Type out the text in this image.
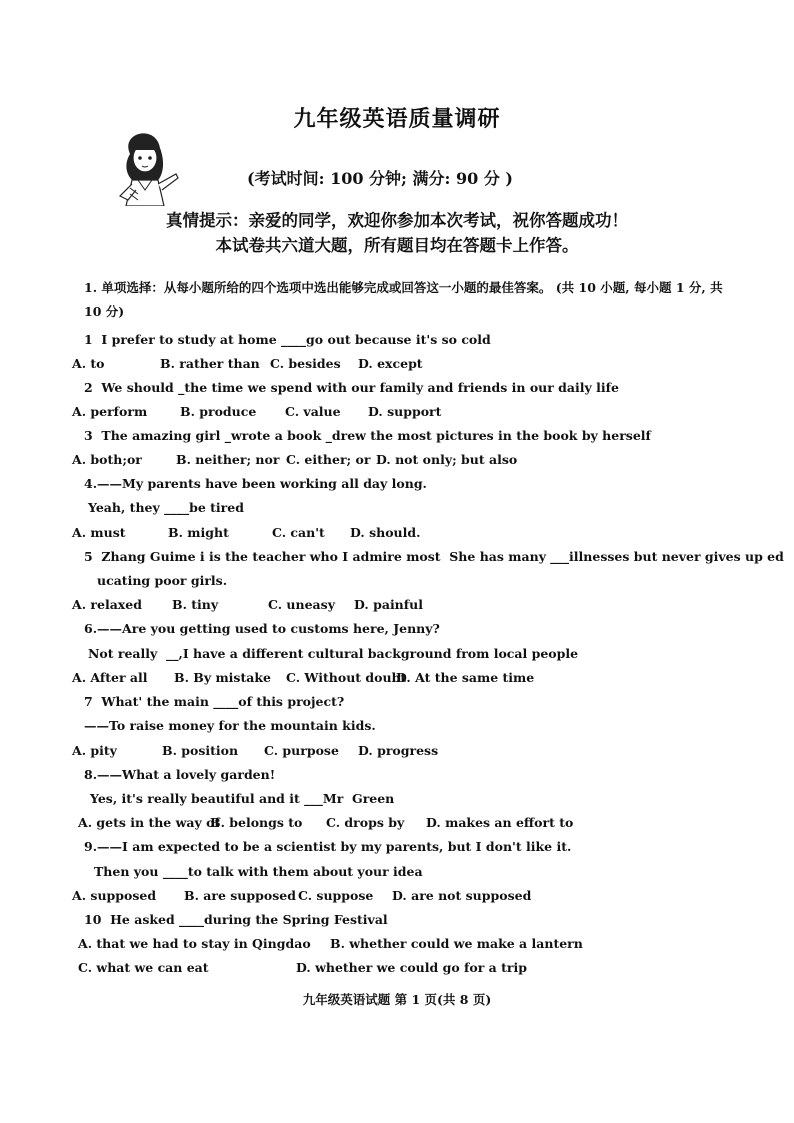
九年级英语质量调研
(考试时间: 100 分钟; 满分: 90 分 )
真情提示：亲爱的同学，欢迎你参加本次考试，祝你答题成功！
本试卷共六道大题，所有题目均在答题卡上作答。
1. 单项选择：从每小题所给的四个选项中选出能够完成或回答这一小题的最佳答案。 (共 10 小题, 每小题 1 分, 共 10 分)
1  I prefer to study at home ____go out because it's so cold
A. to	B. rather than C. besides D. except
2  We should _the time we spend with our family and friends in our daily life
A. perform	B. produce C. value D. support
3  The amazing girl _wrote a book _drew the most pictures in the book by herself
A. both;or	B. neither; nor C. either; or D. not only; but also
4.——My parents have been working all day long.
Yeah, they ____be tired
A. must	B. might	C. can't D. should.
5  Zhang Guime i is the teacher who I admire most  She has many ___illnesses but never gives up ed
ucating poor girls.
A. relaxed B. tiny	C. uneasy D. painful
6.——Are you getting used to customs here, Jenny?
Not really  __,I have a different cultural background from local people
A. After all B. By mistake C. Without doubt
D. At the same time
7  What' the main ____of this project?
——To raise money for the mountain kids.
A. pity	B. position C. purpose D. progress
8.——What a lovely garden!
Yes, it's really beautiful and it ___Mr  Green
A. gets in the way of
B. belongs to C. drops by D. makes an effort to
9.——I am expected to be a scientist by my parents, but I don't like it.
Then you ____to talk with them about your idea
A. supposed B. are supposed C. suppose D. are not supposed
10  He asked ____during the Spring Festival
A. that we had to stay in Qingdao B. whether could we make a lantern
C. what we can eat	D. whether we could go for a trip
九年级英语试题 第 1 页(共 8 页)
